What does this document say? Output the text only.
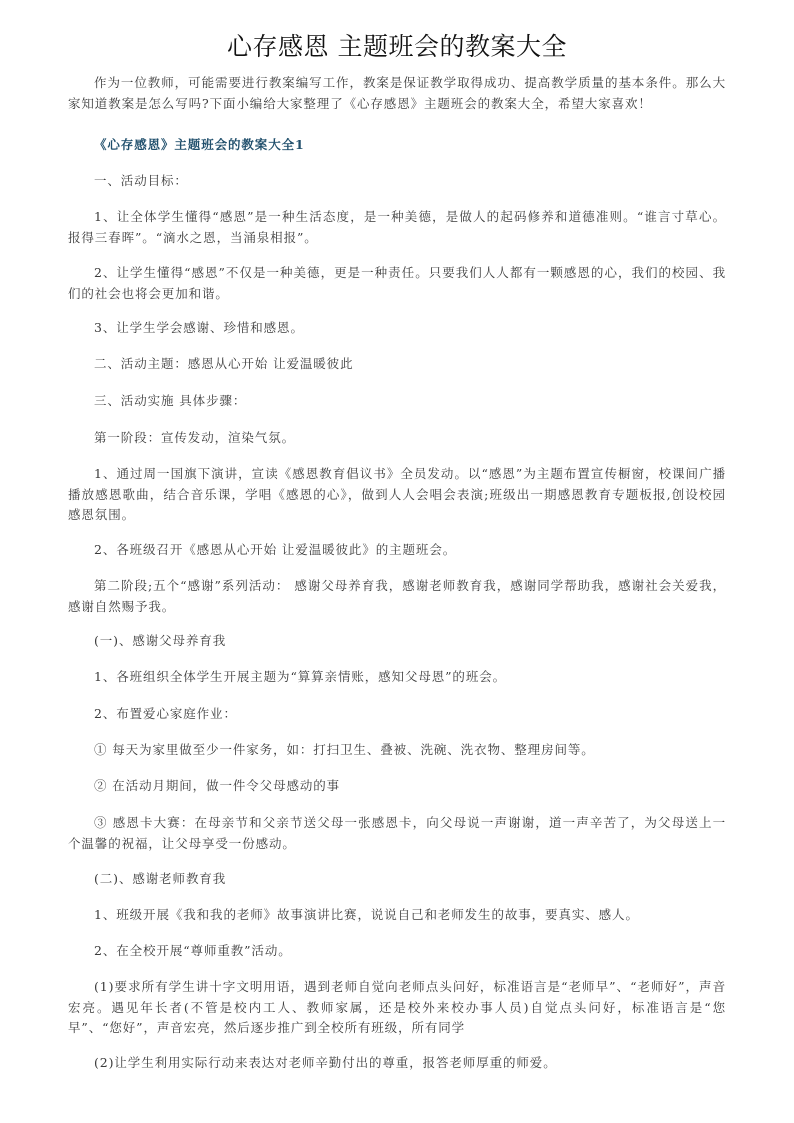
心存感恩 主题班会的教案大全

作为一位教师，可能需要进行教案编写工作，教案是保证教学取得成功、提高教学质量的基本条件。那么大家知道教案是怎么写吗?下面小编给大家整理了《心存感恩》主题班会的教案大全，希望大家喜欢！

《心存感恩》主题班会的教案大全1

一、活动目标：

1、让全体学生懂得“感恩”是一种生活态度，是一种美德，是做人的起码修养和道德准则。“谁言寸草心。报得三春晖”。“滴水之恩，当涌泉相报”。

2、让学生懂得“感恩”不仅是一种美德，更是一种责任。只要我们人人都有一颗感恩的心，我们的校园、我们的社会也将会更加和谐。

3、让学生学会感谢、珍惜和感恩。

二、活动主题：感恩从心开始 让爱温暖彼此

三、活动实施 具体步骤：

第一阶段：宣传发动，渲染气氛。

1、通过周一国旗下演讲，宣读《感恩教育倡议书》全员发动。以“感恩”为主题布置宣传橱窗，校课间广播播放感恩歌曲，结合音乐课，学唱《感恩的心》，做到人人会唱会表演;班级出一期感恩教育专题板报,创设校园感恩氛围。

2、各班级召开《感恩从心开始 让爱温暖彼此》的主题班会。

第二阶段;五个“感谢”系列活动： 感谢父母养育我，感谢老师教育我，感谢同学帮助我，感谢社会关爱我，感谢自然赐予我。

(一)、感谢父母养育我

1、各班组织全体学生开展主题为“算算亲情账，感知父母恩”的班会。

2、布置爱心家庭作业：

① 每天为家里做至少一件家务，如：打扫卫生、叠被、洗碗、洗衣物、整理房间等。

② 在活动月期间，做一件令父母感动的事

③ 感恩卡大赛：在母亲节和父亲节送父母一张感恩卡，向父母说一声谢谢，道一声辛苦了，为父母送上一个温馨的祝福，让父母享受一份感动。

(二)、感谢老师教育我

1、班级开展《我和我的老师》故事演讲比赛，说说自己和老师发生的故事，要真实、感人。

2、在全校开展“尊师重教”活动。

(1)要求所有学生讲十字文明用语，遇到老师自觉向老师点头问好，标准语言是“老师早”、“老师好”，声音宏亮。遇见年长者(不管是校内工人、教师家属，还是校外来校办事人员)自觉点头问好，标准语言是“您早”、“您好”，声音宏亮，然后逐步推广到全校所有班级，所有同学

(2)让学生利用实际行动来表达对老师辛勤付出的尊重，报答老师厚重的师爱。
